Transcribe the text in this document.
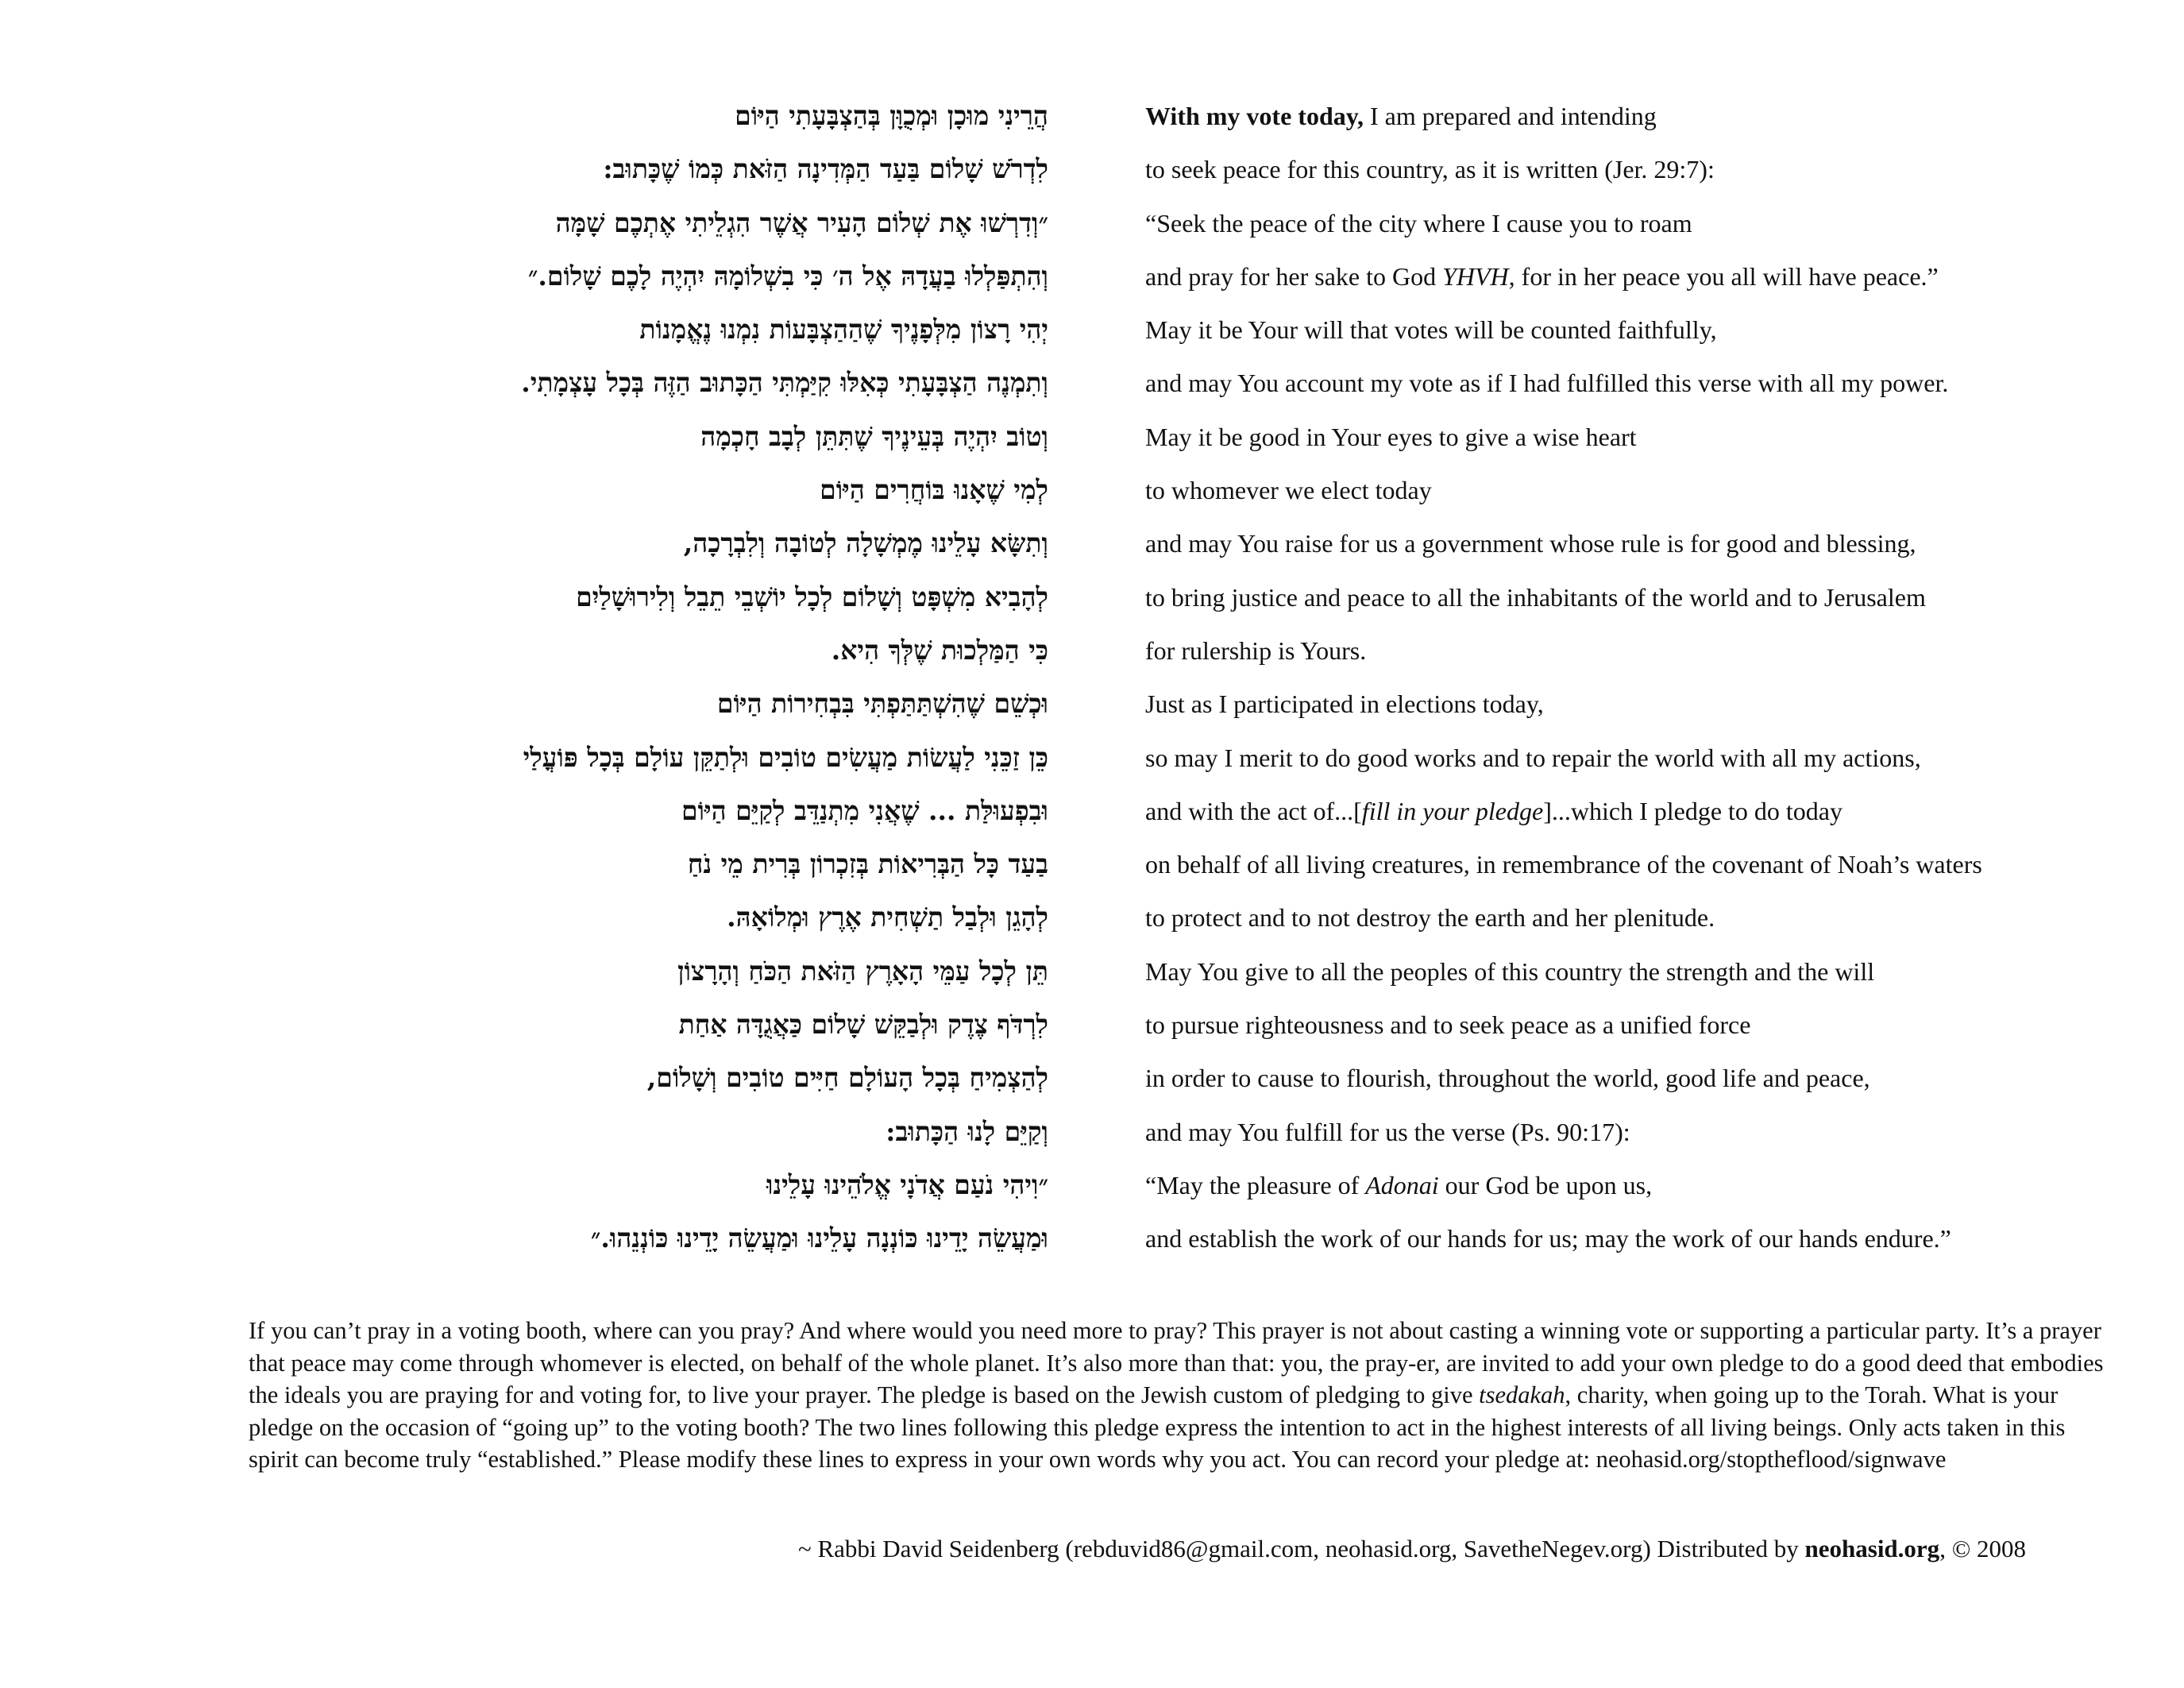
הֲרֵינִי מוּכָן וּמְכֻוָּן בְּהַצְבָּעָתִי הַיּוֹם	With my vote today, I am prepared and intending
לִדְרֹשׁ שָׁלוֹם בַּעַד הַמְּדִינָה הַזֹּאת כְּמוֹ שֶׁכָּתוּב:	to seek peace for this country, as it is written (Jer. 29:7):
״וְדִרְשׁוּ אֶת שְׁלוֹם הָעִיר אֲשֶׁר הִגְלֵיתִי אֶתְכֶם שָׁמָּה	“Seek the peace of the city where I cause you to roam
וְהִתְפַּלְלוּ בַעֲדָהּ אֶל ה׳ כִּי בִשְׁלוֹמָהּ יִהְיֶה לָכֶם שָׁלוֹם.״	and pray for her sake to God YHVH, for in her peace you all will have peace.”
יְהִי רָצוֹן מִלְּפָנֶיךָ שֶׁהַהַצְבָּעוֹת נִמְנוּ נֶאֱמָנוֹת	May it be Your will that votes will be counted faithfully,
וְתִמְנֶה הַצְבָּעָתִי כְּאִלּוּ קִיַּמְתִּי הַכָּתוּב הַזֶּה בְּכָל עָצְמָתִי.	and may You account my vote as if I had fulfilled this verse with all my power.
וְטוֹב יִהְיֶה בְּעֵינֶיךָ שֶׁתִּתֵּן לְבָב חָכְמָה	May it be good in Your eyes to give a wise heart
לְמִי שֶׁאָנוּ בּוֹחֲרִים הַיּוֹם	to whomever we elect today
וְתִשָּׂא עָלֵינוּ מֶמְשָׁלָה לְטוֹבָה וְלִבְרָכָה,	and may You raise for us a government whose rule is for good and blessing,
לְהָבִיא מִשְׁפָּט וְשָׁלוֹם לְכָל יוֹשְׁבֵי תֵבֵל וְלִירוּשָׁלַיִם	to bring justice and peace to all the inhabitants of the world and to Jerusalem
כִּי הַמַּלְכוּת שֶׁלְּךָ הִיא.	for rulership is Yours.
וּכְשֵׁם שֶׁהִשְׁתַּתַּפְתִּי בִּבְחִירוֹת הַיּוֹם	Just as I participated in elections today,
כֵּן זַכֵּנִי לַעֲשׂוֹת מַעֲשִׂים טוֹבִים וּלְתַקֵּן עוֹלָם בְּכָל פּוֹעֳלַי	so may I merit to do good works and to repair the world with all my actions,
וּבִפְעוּלַּת ... שֶׁאֲנִי מִתְנַדֵּב לְקַיֵּם הַיּוֹם	and with the act of...[fill in your pledge]...which I pledge to do today
בַעַד כָּל הַבְּרִיאוֹת בְּזִכְרוֹן בְּרִית מֵי נֹחַ	on behalf of all living creatures, in remembrance of the covenant of Noah’s waters
לְהָגֵן וּלְבַל תַשְׁחִית אֶרֶץ וּמְלוֹאָהּ.	to protect and to not destroy the earth and her plenitude.
תֵּן לְכָל עַמֵּי הָאָרֶץ הַזֹּאת הַכֹּחַ וְהָרָצוֹן	May You give to all the peoples of this country the strength and the will
לִרְדֹּף צֶדֶק וּלְבַקֵּשׁ שָׁלוֹם כַּאֲגֻדָּה אַחַת	to pursue righteousness and to seek peace as a unified force
לְהַצְמִיחַ בְּכָל הָעוֹלָם חַיִּים טוֹבִים וְשָׁלוֹם,	in order to cause to flourish, throughout the world, good life and peace,
וְקַיֵּם לָנוּ הַכָּתוּב:	and may You fulfill for us the verse (Ps. 90:17):
״וִיהִי נֹעַם אֲדֹנָי אֱלֹהֵינוּ עָלֵינוּ	“May the pleasure of Adonai our God be upon us,
וּמַעֲשֵׂה יָדֵינוּ כּוֹנְנָה עָלֵינוּ וּמַעֲשֵׂה יָדֵינוּ כּוֹנְנֵהוּ.״	and establish the work of our hands for us; may the work of our hands endure.”

If you can’t pray in a voting booth, where can you pray? And where would you need more to pray? This prayer is not about casting a winning vote or supporting a particular party. It’s a prayer that peace may come through whomever is elected, on behalf of the whole planet. It’s also more than that: you, the pray-er, are invited to add your own pledge to do a good deed that embodies the ideals you are praying for and voting for, to live your prayer. The pledge is based on the Jewish custom of pledging to give tsedakah, charity, when going up to the Torah. What is your pledge on the occasion of “going up” to the voting booth? The two lines following this pledge express the intention to act in the highest interests of all living beings. Only acts taken in this spirit can become truly “established.” Please modify these lines to express in your own words why you act. You can record your pledge at: neohasid.org/stoptheflood/signwave

~ Rabbi David Seidenberg (rebduvid86@gmail.com, neohasid.org, SavetheNegev.org) Distributed by neohasid.org, © 2008
